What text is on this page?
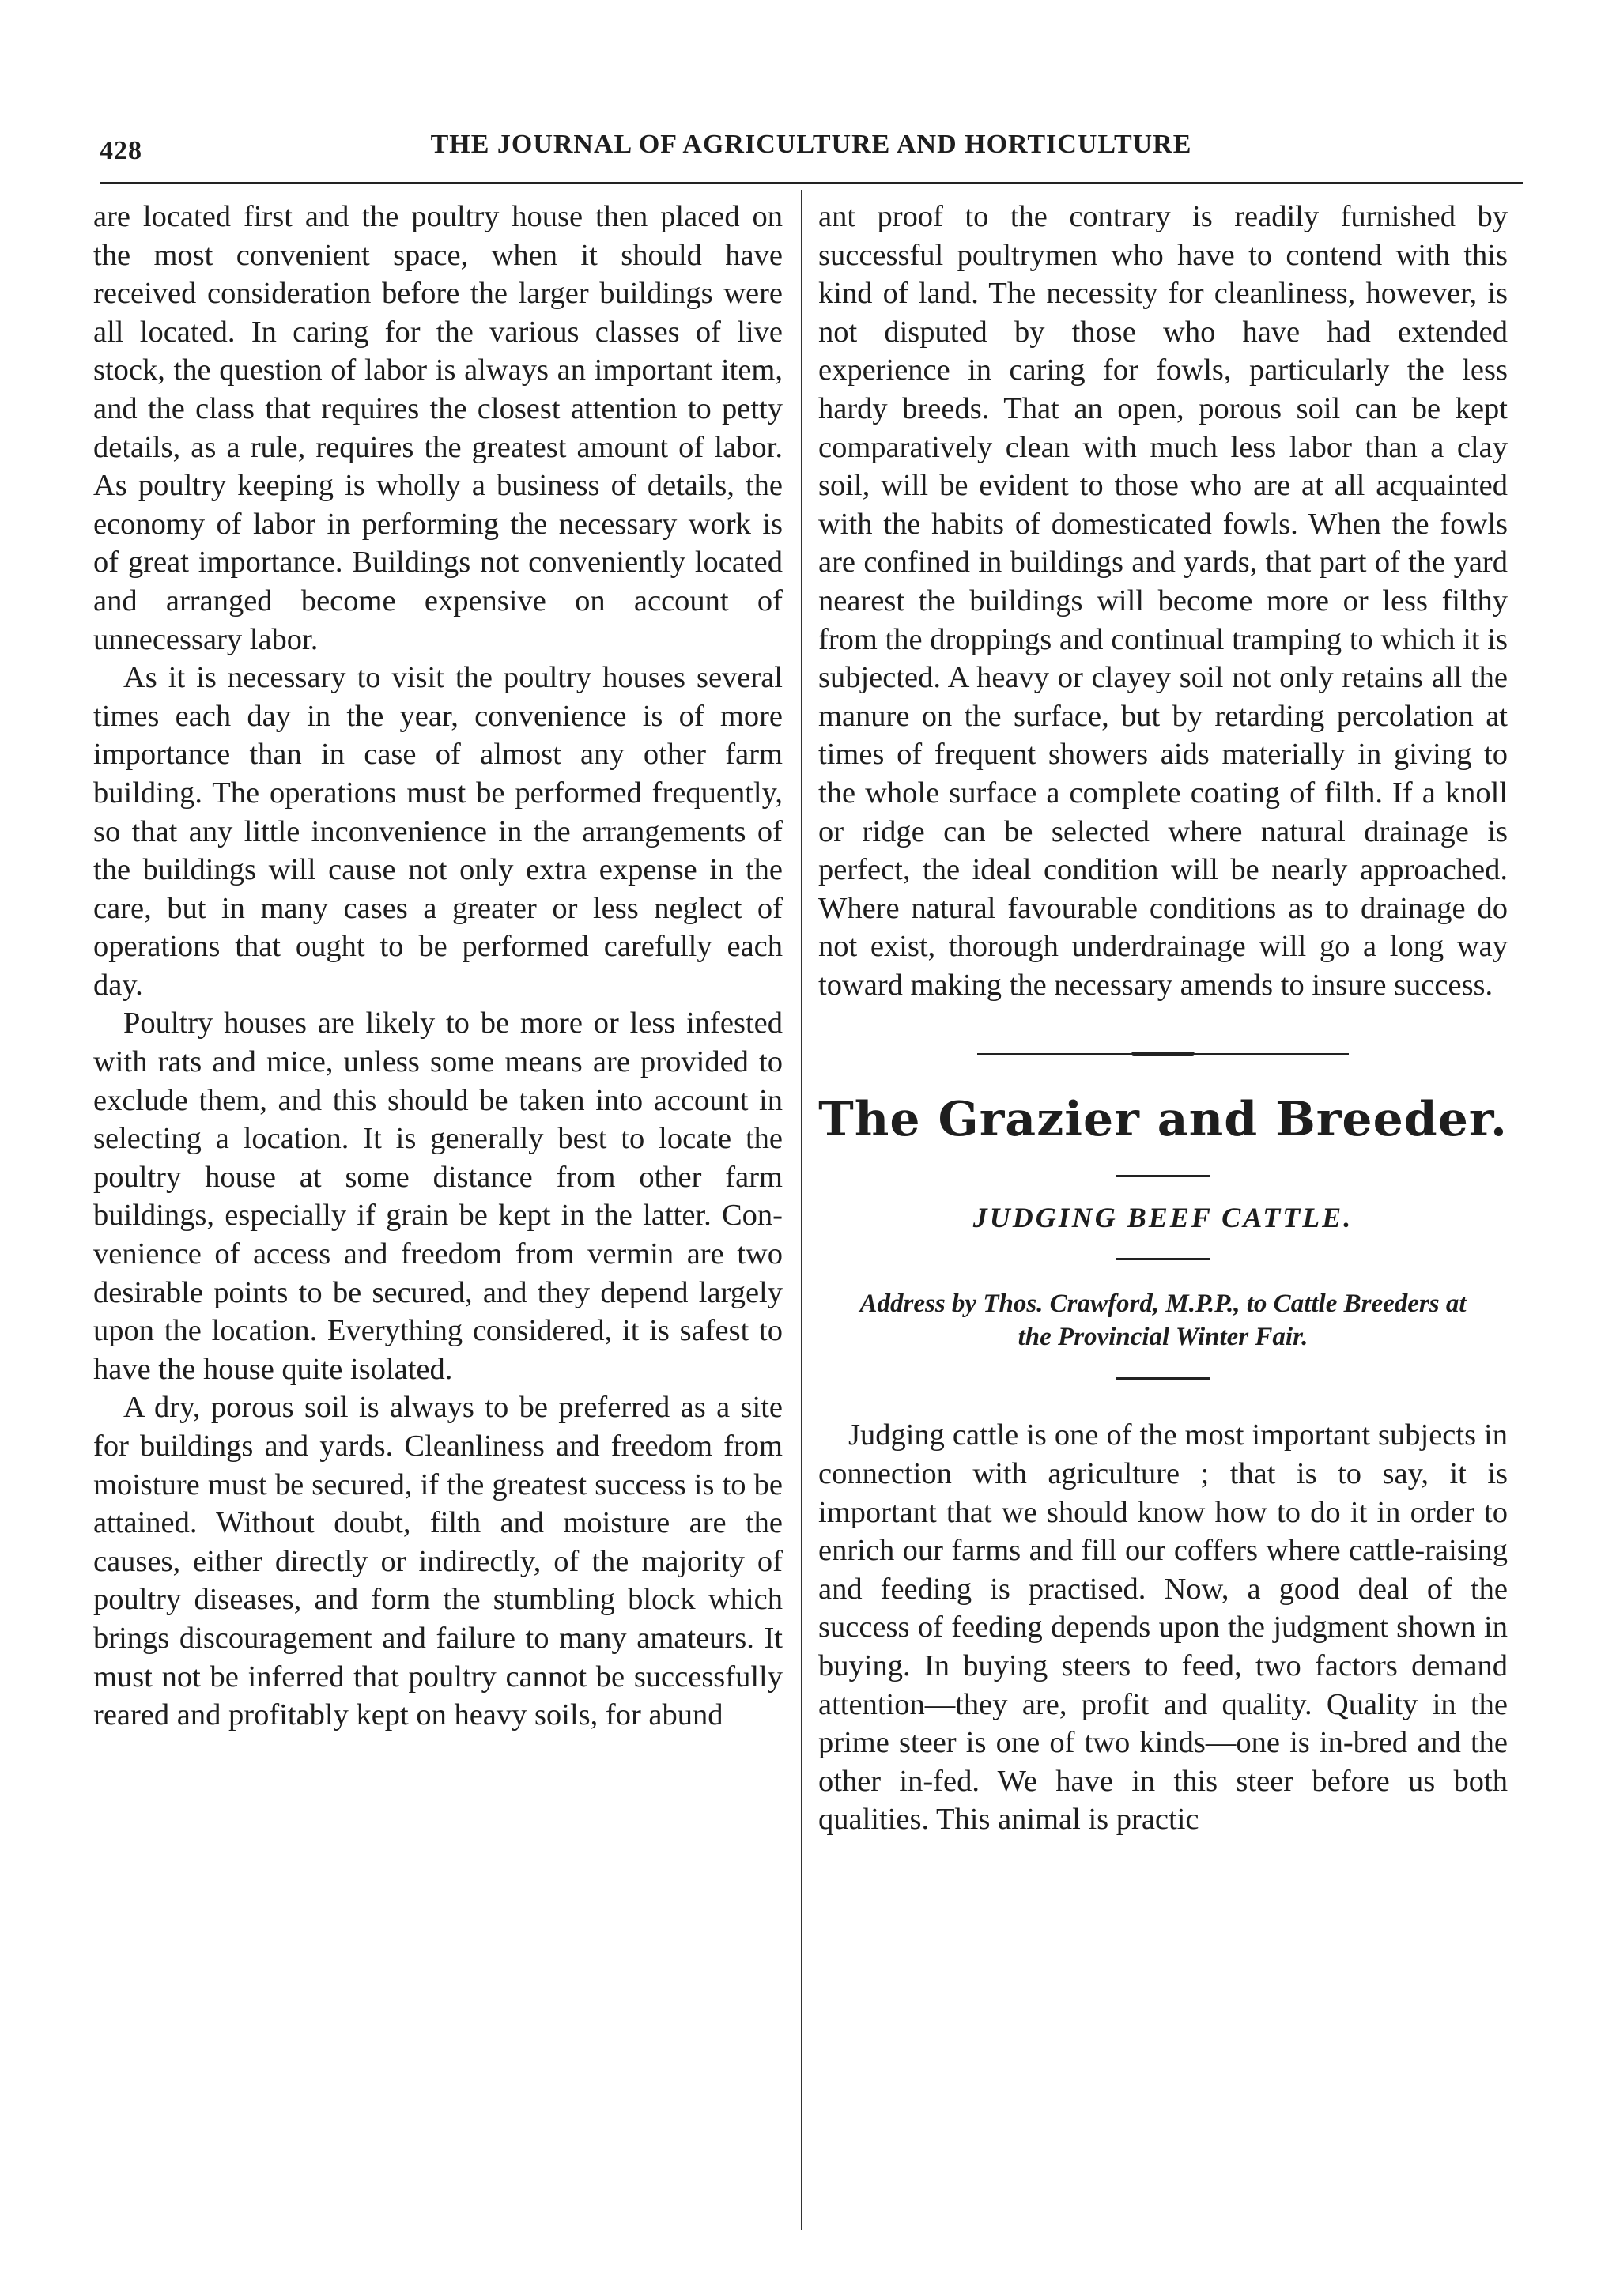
428	THE JOURNAL OF AGRICULTURE AND HORTICULTURE

are located first and the poultry house then placed on the most convenient space, when it should have received consideration before the larger buildings were all located. In caring for the various classes of live stock, the question of labor is always an important item, and the class that requires the closest attention to petty details, as a rule, requires the greatest amount of labor. As poultry keeping is wholly a business of details, the economy of labor in performing the necessary work is of great importance. Buildings not conveniently located and arranged become expensive on account of unnecessary labor.

As it is necessary to visit the poultry houses several times each day in the year, convenience is of more importance than in case of almost any other farm building. The operations must be performed frequently, so that any little inconvenience in the arrangements of the buildings will cause not only extra expense in the care, but in many cases a greater or less neglect of operations that ought to be performed carefully each day.

Poultry houses are likely to be more or less infested with rats and mice, unless some means are provided to exclude them, and this should be taken into account in selecting a location. It is generally best to locate the poultry house at some distance from other farm buildings, especially if grain be kept in the latter. Convenience of access and freedom from vermin are two desirable points to be secured, and they depend largely upon the location. Everything considered, it is safest to have the house quite isolated.

A dry, porous soil is always to be preferred as a site for buildings and yards. Cleanliness and freedom from moisture must be secured, if the greatest success is to be attained. Without doubt, filth and moisture are the causes, either directly or indirectly, of the majority of poultry diseases, and form the stumbling block which brings discouragement and failure to many amateurs. It must not be inferred that poultry cannot be successfully reared and profitably kept on heavy soils, for abund

ant proof to the contrary is readily furnished by successful poultrymen who have to contend with this kind of land. The necessity for cleanliness, however, is not disputed by those who have had extended experience in caring for fowls, particularly the less hardy breeds. That an open, porous soil can be kept comparatively clean with much less labor than a clay soil, will be evident to those who are at all acquainted with the habits of domesticated fowls. When the fowls are confined in buildings and yards, that part of the yard nearest the buildings will become more or less filthy from the droppings and continual tramping to which it is subjected. A heavy or clayey soil not only retains all the manure on the surface, but by retarding percolation at times of frequent showers aids materially in giving to the whole surface a complete coating of filth. If a knoll or ridge can be selected where natural drainage is perfect, the ideal condition will be nearly approached. Where natural favourable conditions as to drainage do not exist, thorough underdrainage will go a long way toward making the necessary amends to insure success.

The Grazier and Breeder.
JUDGING BEEF CATTLE.
Address by Thos. Crawford, M.P.P., to Cattle Breeders at the Provincial Winter Fair.

Judging cattle is one of the most important subjects in connection with agriculture ; that is to say, it is important that we should know how to do it in order to enrich our farms and fill our coffers where cattle-raising and feeding is practised. Now, a good deal of the success of feeding depends upon the judgment shown in buying. In buying steers to feed, two factors demand attention—they are, profit and quality. Quality in the prime steer is one of two kinds—one is in-bred and the other in-fed. We have in this steer before us both qualities. This animal is practic
